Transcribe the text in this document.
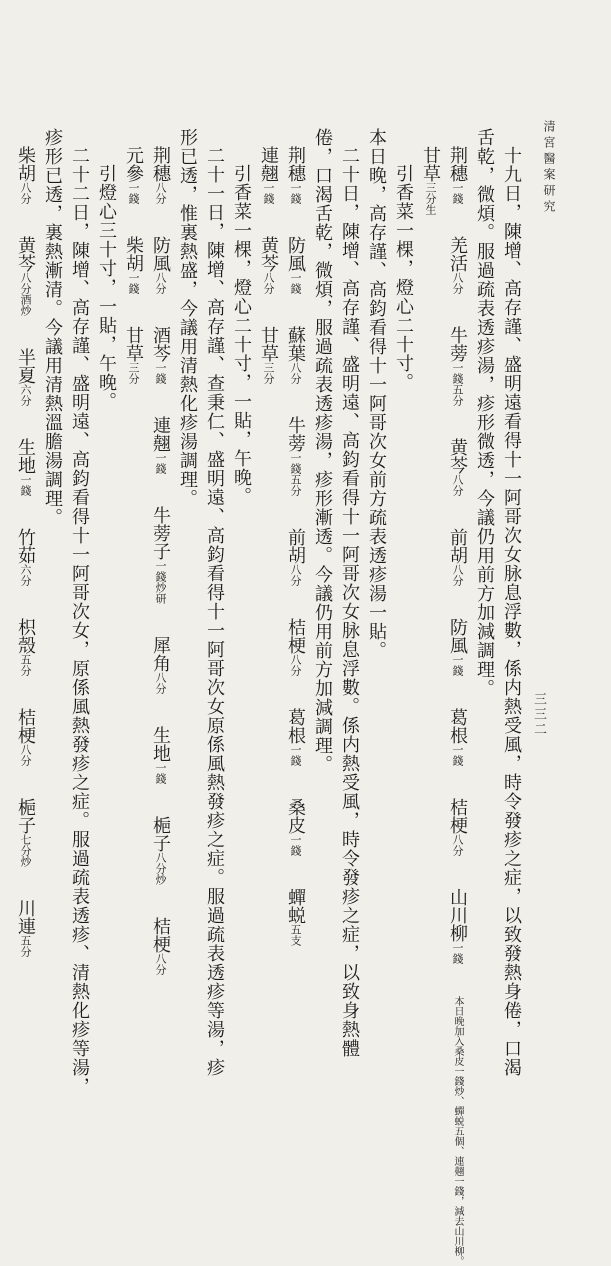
清宮醫案研究
三三二
十九日，陳增、高存謹、盛明遠看得十一阿哥次女脉息浮數，係内熱受風，時令發疹之症，以致發熱身倦，口渴
舌乾，微煩。服過疏表透疹湯，疹形微透，今議仍用前方加減調理。
荆穗一錢　羌活八分　牛蒡一錢五分　黄芩八分　前胡八分　防風一錢　葛根一錢　桔梗八分　山川柳一錢　本日晚加入桑皮一錢炒、蟬蜕五個、連翹一錢，減去山川柳。
甘草三分生　
引香菜一棵，燈心二十寸。
本日晚，高存謹、高鈞看得十一阿哥次女前方疏表透疹湯一貼。
二十日，陳增、高存謹、盛明遠、高鈞看得十一阿哥次女脉息浮數。係内熱受風，時令發疹之症，以致身熱體
倦，口渴舌乾，微煩，服過疏表透疹湯，疹形漸透。今議仍用前方加減調理。
荆穗一錢　防風一錢　蘇葉八分　牛蒡一錢五分　前胡八分　桔梗八分　葛根一錢　桑皮一錢　蟬蜕五支　
連翹一錢　黄芩八分　甘草三分　
引香菜一棵，燈心二十寸，一貼，午晚。
二十一日，陳增、高存謹、查秉仁、盛明遠、高鈞看得十一阿哥次女原係風熱發疹之症。服過疏表透疹等湯，疹
形已透，惟裏熱盛，今議用清熱化疹湯調理。
荆穗八分　防風八分　酒芩一錢　連翹一錢　牛蒡子一錢炒研　犀角八分　生地一錢　梔子八分炒　桔梗八分　
元參一錢　柴胡一錢　甘草三分　
引燈心三十寸，一貼，午晚。
二十二日，陳增、高存謹、盛明遠、高鈞看得十一阿哥次女，原係風熱發疹之症。服過疏表透疹、清熱化疹等湯，
疹形已透，裏熱漸清。今議用清熱溫膽湯調理。
柴胡八分　黄芩八分酒炒　半夏六分　生地一錢　竹茹六分　枳殼五分　桔梗八分　梔子七分炒　川連五分　
